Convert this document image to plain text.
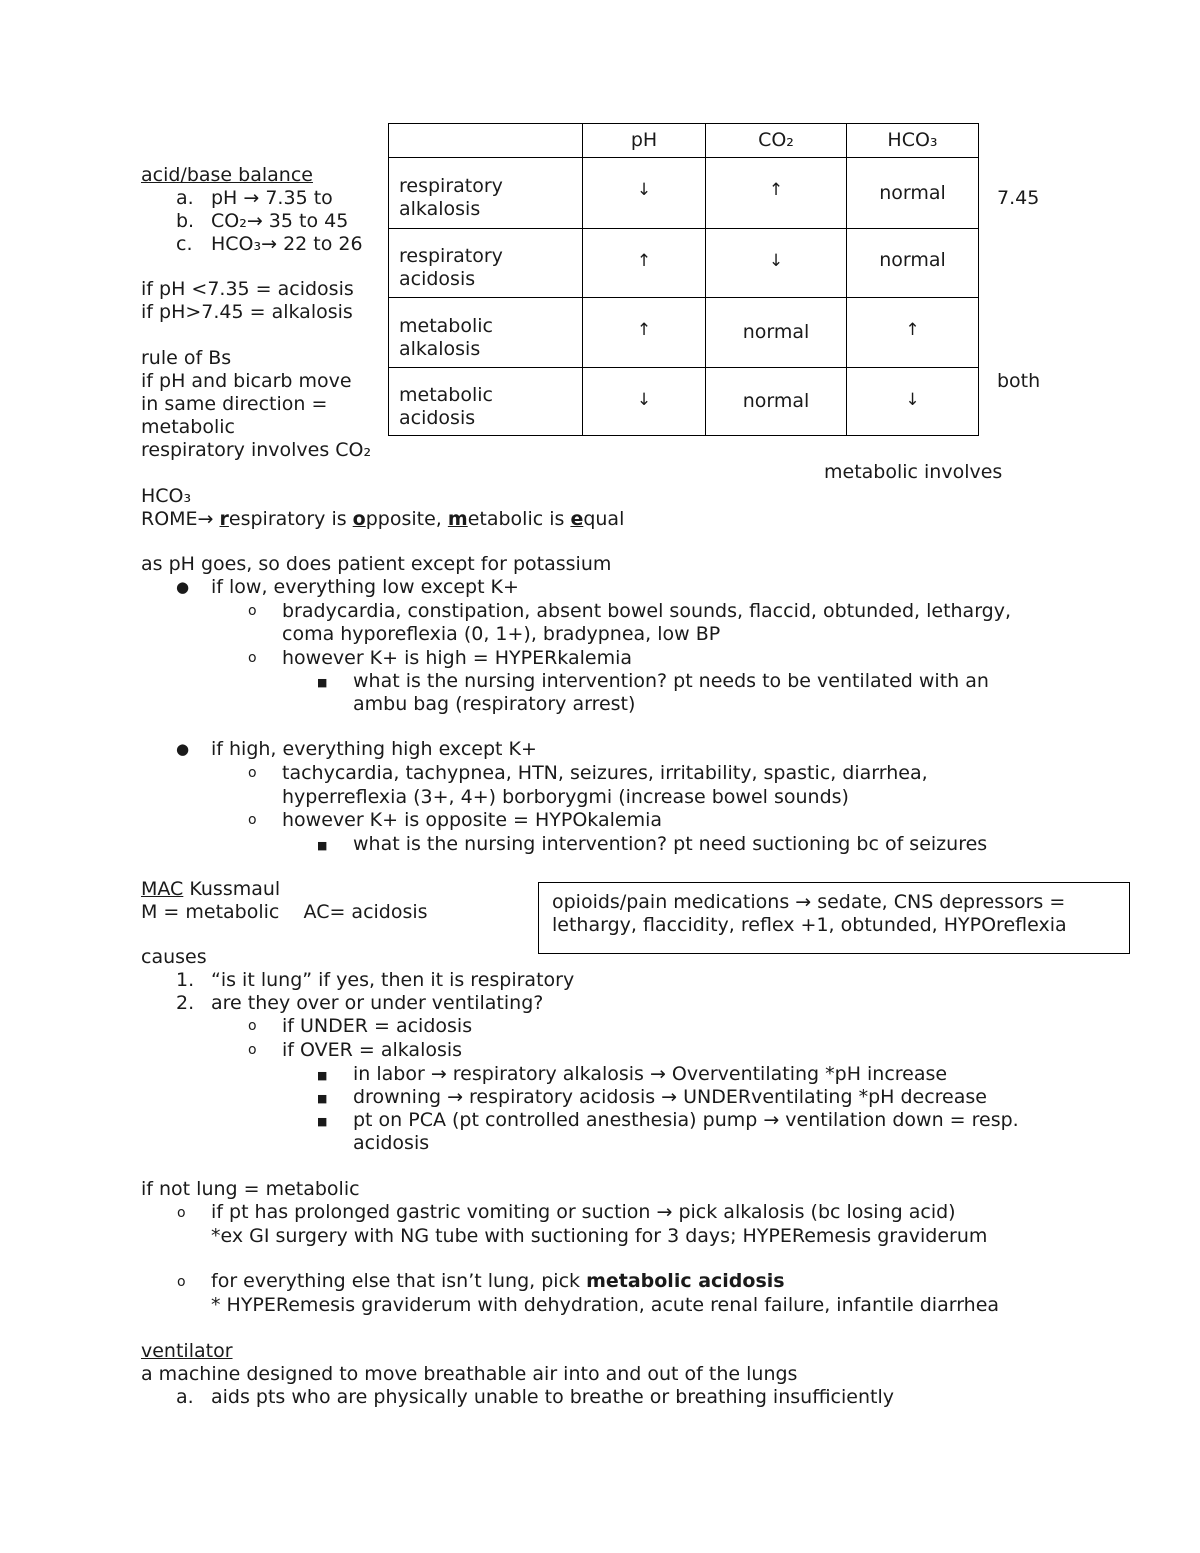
acid/base balance
a. pH → 7.35 to
b. CO₂→ 35 to 45
c. HCO₃→ 22 to 26
if pH <7.35 = acidosis
if pH>7.45 = alkalosis
rule of Bs
if pH and bicarb move
in same direction =
metabolic
respiratory involves CO₂
	pH	CO₂	HCO₃

respiratory
alkalosis	↓	↑	normal

respiratory
acidosis	↑	↓	normal

metabolic
alkalosis	↑	normal	↑

metabolic
acidosis	↓	normal	↓
7.45
both
metabolic involves
HCO₃
ROME→ respiratory is opposite, metabolic is equal
as pH goes, so does patient except for potassium
● if low, everything low except K+
o bradycardia, constipation, absent bowel sounds, flaccid, obtunded, lethargy,
coma hyporeflexia (0, 1+), bradypnea, low BP
o however K+ is high = HYPERkalemia
■ what is the nursing intervention? pt needs to be ventilated with an
ambu bag (respiratory arrest)
● if high, everything high except K+
o tachycardia, tachypnea, HTN, seizures, irritability, spastic, diarrhea,
hyperreflexia (3+, 4+) borborygmi (increase bowel sounds)
o however K+ is opposite = HYPOkalemia
■ what is the nursing intervention? pt need suctioning bc of seizures
MAC Kussmaul
M = metabolic    AC= acidosis	opioids/pain medications → sedate, CNS depressors =
lethargy, flaccidity, reflex +1, obtunded, HYPOreflexia
causes
1. “is it lung” if yes, then it is respiratory
2. are they over or under ventilating?
o if UNDER = acidosis
o if OVER = alkalosis
■ in labor → respiratory alkalosis → Overventilating *pH increase
■ drowning → respiratory acidosis → UNDERventilating *pH decrease
■ pt on PCA (pt controlled anesthesia) pump → ventilation down = resp.
acidosis
if not lung = metabolic
o if pt has prolonged gastric vomiting or suction → pick alkalosis (bc losing acid)
*ex GI surgery with NG tube with suctioning for 3 days; HYPERemesis graviderum
o for everything else that isn’t lung, pick metabolic acidosis
* HYPERemesis graviderum with dehydration, acute renal failure, infantile diarrhea
ventilator
a machine designed to move breathable air into and out of the lungs
a. aids pts who are physically unable to breathe or breathing insufficiently
